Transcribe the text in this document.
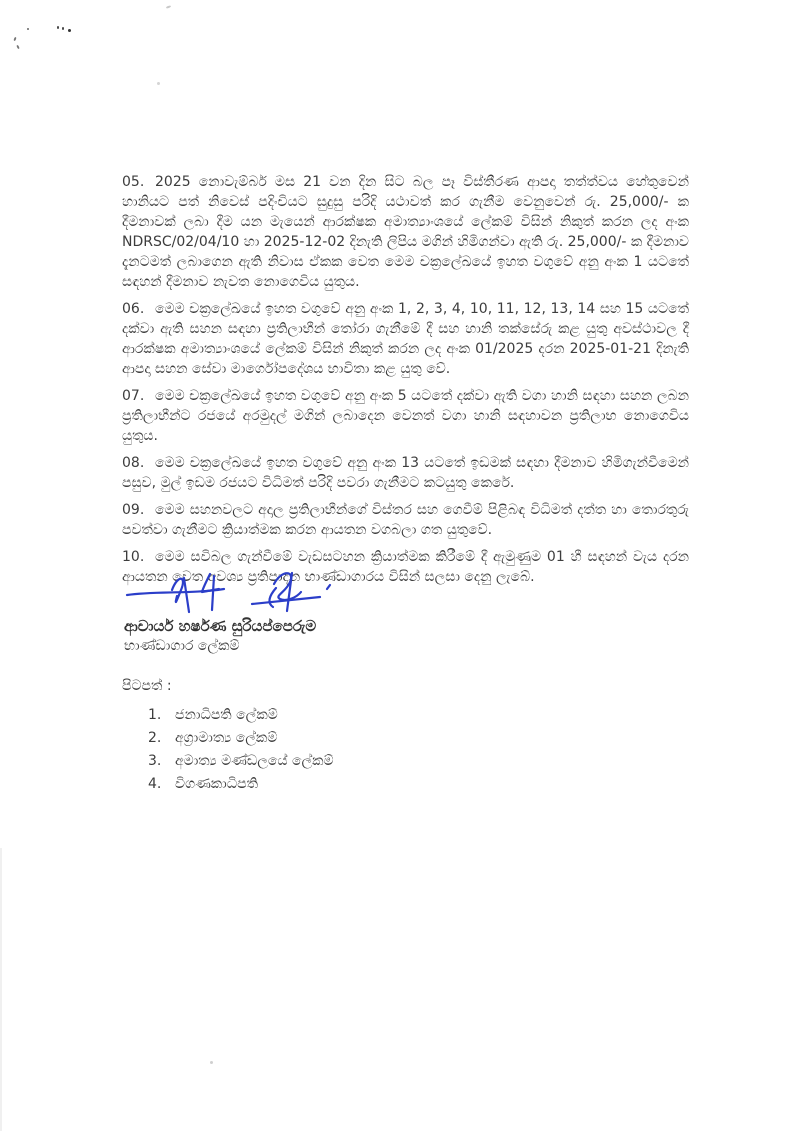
05. 2025 නොවැම්බර් මස 21 වන දින සිට බල පෑ විස්තීරණ ආපදා තත්ත්වය හේතුවෙන් හානියට පත් නිවෙස් පදිංචියට සුදුසු පරිදි යථාවත් කර ගැනීම වෙනුවෙන් රු. 25,000/- ක දීමනාවක් ලබා දීම යන මැයෙන් ආරක්ෂක අමාත්‍යාංශයේ ලේකම් විසින් නිකුත් කරන ලද අංක NDRSC/02/04/10 හා 2025-12-02 දිනැති ලිපිය මගින් හිමිගන්වා ඇති රු. 25,000/- ක දීමනාව දැනටමත් ලබාගෙන ඇති නිවාස ඒකක වෙත මෙම චක්‍රලේඛයේ ඉහත වගුවේ අනු අංක 1 යටතේ සඳහන් දීමනාව නැවත නොගෙවිය යුතුය.

06. මෙම චක්‍රලේඛයේ ඉහත වගුවේ අනු අංක 1, 2, 3, 4, 10, 11, 12, 13, 14 සහ 15 යටතේ දක්වා ඇති සහන සඳහා ප්‍රතිලාභීන් තෝරා ගැනීමේ දී සහ හානි තක්සේරු කළ යුතු අවස්ථාවල දී ආරක්ෂක අමාත්‍යාංශයේ ලේකම් විසින් නිකුත් කරන ලද අංක 01/2025 දරන 2025-01-21 දිනැති ආපදා සහන සේවා මාර්ගෝපදේශය භාවිතා කළ යුතු වේ.

07. මෙම චක්‍රලේඛයේ ඉහත වගුවේ අනු අංක 5 යටතේ දක්වා ඇති වගා හානි සඳහා සහන ලබන ප්‍රතිලාභීන්ට රජයේ අරමුදල් මගින් ලබාදෙන වෙනත් වගා හානි සඳහාවන ප්‍රතිලාභ නොගෙවිය යුතුය.

08. මෙම චක්‍රලේඛයේ ඉහත වගුවේ අනු අංක 13 යටතේ ඉඩමක් සඳහා දීමනාව හිමිගැන්වීමෙන් පසුව, මුල් ඉඩම රජයට විධිමත් පරිදි පවරා ගැනීමට කටයුතු කෙරේ.

09. මෙම සහනවලට අදාල ප්‍රතිලාභීන්ගේ විස්තර සහ ගෙවීම් පිළිබඳ විධිමත් දත්ත හා තොරතුරු පවත්වා ගැනීමට ක්‍රියාත්මක කරන ආයතන වගබලා ගත යුතුවේ.

10. මෙම සවිබල ගැන්වීමේ වැඩසටහන ක්‍රියාත්මක කිරීමේ දී ඇමුණුම 01 හී සඳහන් වැය දරන ආයතන වෙත අවශ්‍ය ප්‍රතිපාදන භාණ්ඩාගාරය විසින් සලසා දෙනු ලැබේ.

ආචාර්ය හර්ෂණ සුරියප්පෙරුම

භාණ්ඩාගාර ලේකම්

පිටපත් :

1. ජනාධිපති ලේකම්
2. අග්‍රාමාත්‍ය ලේකම්
3. අමාත්‍ය මණ්ඩලයේ ලේකම්
4. විගණකාධිපති
